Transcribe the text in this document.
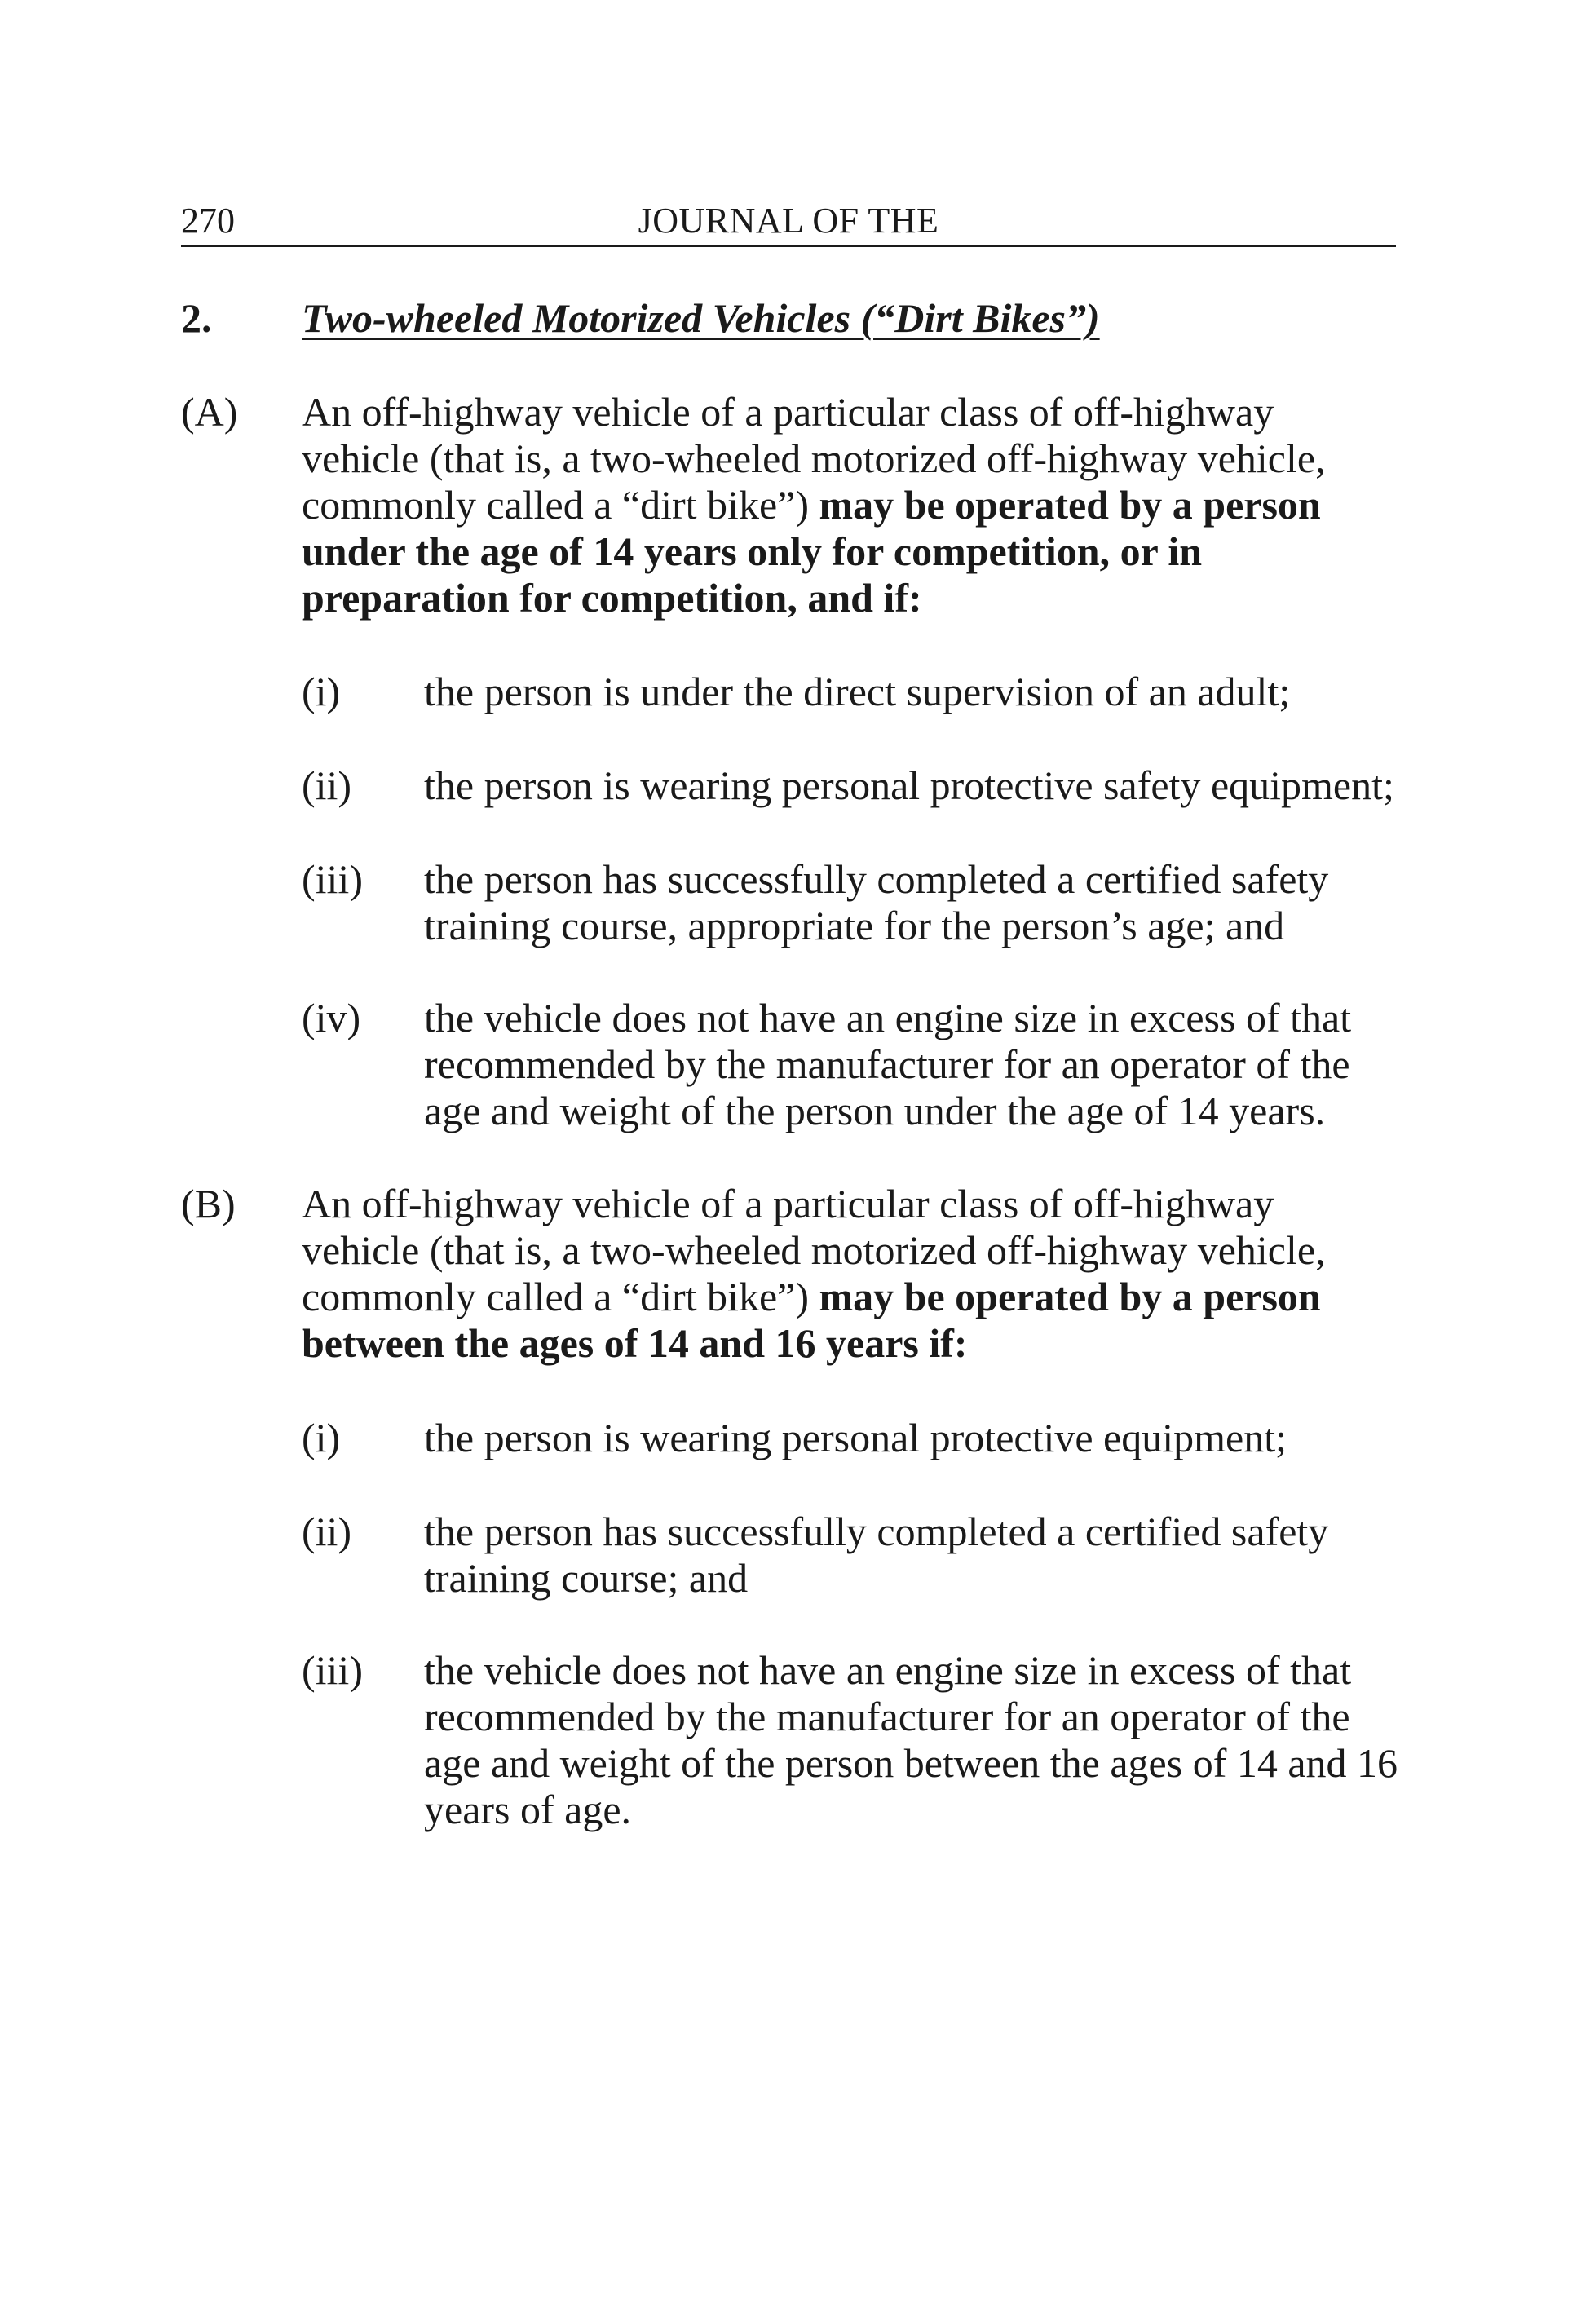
270	JOURNAL OF THE
2. Two-wheeled Motorized Vehicles (“Dirt Bikes”)
(A) An off-highway vehicle of a particular class of off-highway
vehicle (that is, a two-wheeled motorized off-highway vehicle,
commonly called a “dirt bike”) may be operated by a person
under the age of 14 years only for competition, or in
preparation for competition, and if:
(i) the person is under the direct supervision of an adult;
(ii) the person is wearing personal protective safety equipment;
(iii) the person has successfully completed a certified safety
training course, appropriate for the person’s age; and
(iv) the vehicle does not have an engine size in excess of that
recommended by the manufacturer for an operator of the
age and weight of the person under the age of 14 years.
(B) An off-highway vehicle of a particular class of off-highway
vehicle (that is, a two-wheeled motorized off-highway vehicle,
commonly called a “dirt bike”) may be operated by a person
between the ages of 14 and 16 years if:
(i) the person is wearing personal protective equipment;
(ii) the person has successfully completed a certified safety
training course; and
(iii) the vehicle does not have an engine size in excess of that
recommended by the manufacturer for an operator of the
age and weight of the person between the ages of 14 and 16
years of age.
